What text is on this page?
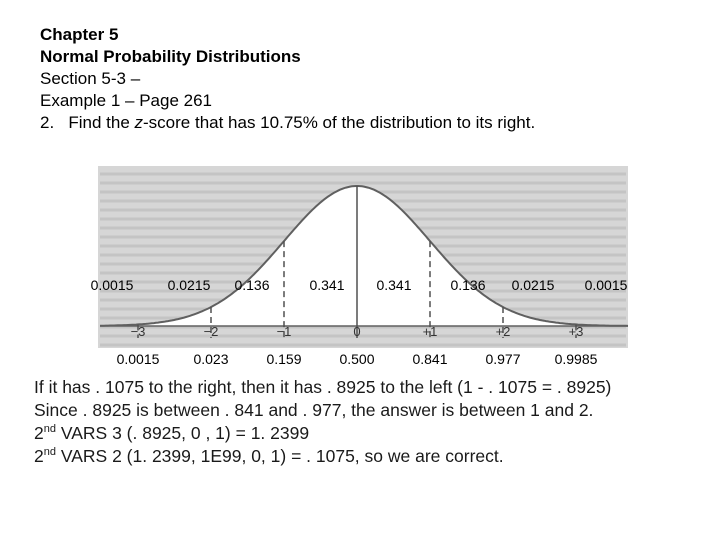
Chapter 5
Normal Probability Distributions
Section 5-3 –
Example 1 – Page 261
2. Find the z-score that has 10.75% of the distribution to its right.
−3	−2	−1	0	+1	+2	+3
0.0015 0.0215 0.136	0.341 0.341	0.136 0.0215 0.0015
0.0015 0.023	0.159	0.500	0.841	0.977 0.9985
If it has . 1075 to the right, then it has . 8925 to the left (1 - . 1075 = . 8925)
Since . 8925 is between . 841 and . 977, the answer is between 1 and 2.
2nd VARS 3 (. 8925, 0 , 1) = 1. 2399
2nd VARS 2 (1. 2399, 1E99, 0, 1) = . 1075, so we are correct.
